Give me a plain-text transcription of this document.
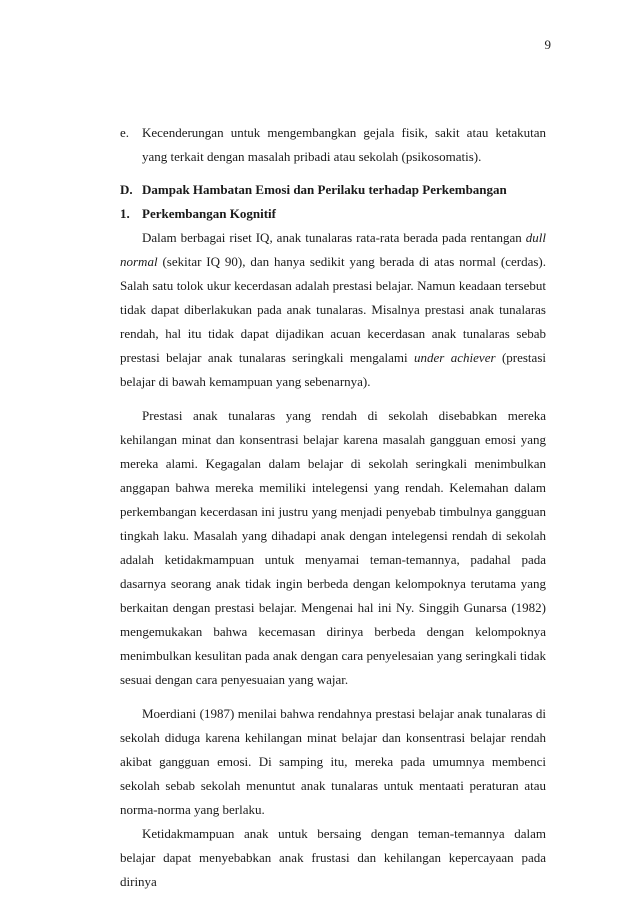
9
e. Kecenderungan untuk mengembangkan gejala fisik, sakit atau ketakutan yang terkait dengan masalah pribadi atau sekolah (psikosomatis).
D. Dampak Hambatan Emosi dan Perilaku terhadap Perkembangan
1. Perkembangan Kognitif

Dalam berbagai riset IQ, anak tunalaras rata-rata berada pada rentangan dull normal (sekitar IQ 90), dan hanya sedikit yang berada di atas normal (cerdas). Salah satu tolok ukur kecerdasan adalah prestasi belajar. Namun keadaan tersebut tidak dapat diberlakukan pada anak tunalaras. Misalnya prestasi anak tunalaras rendah, hal itu tidak dapat dijadikan acuan kecerdasan anak tunalaras sebab prestasi belajar anak tunalaras seringkali mengalami under achiever (prestasi belajar di bawah kemampuan yang sebenarnya).

Prestasi anak tunalaras yang rendah di sekolah disebabkan mereka kehilangan minat dan konsentrasi belajar karena masalah gangguan emosi yang mereka alami. Kegagalan dalam belajar di sekolah seringkali menimbulkan anggapan bahwa mereka memiliki intelegensi yang rendah. Kelemahan dalam perkembangan kecerdasan ini justru yang menjadi penyebab timbulnya gangguan tingkah laku. Masalah yang dihadapi anak dengan intelegensi rendah di sekolah adalah ketidakmampuan untuk menyamai teman-temannya, padahal pada dasarnya seorang anak tidak ingin berbeda dengan kelompoknya terutama yang berkaitan dengan prestasi belajar. Mengenai hal ini Ny. Singgih Gunarsa (1982) mengemukakan bahwa kecemasan dirinya berbeda dengan kelompoknya menimbulkan kesulitan pada anak dengan cara penyelesaian yang seringkali tidak sesuai dengan cara penyesuaian yang wajar.

Moerdiani (1987) menilai bahwa rendahnya prestasi belajar anak tunalaras di sekolah diduga karena kehilangan minat belajar dan konsentrasi belajar rendah akibat gangguan emosi. Di samping itu, mereka pada umumnya membenci sekolah sebab sekolah menuntut anak tunalaras untuk mentaati peraturan atau norma-norma yang berlaku.

Ketidakmampuan anak untuk bersaing dengan teman-temannya dalam belajar dapat menyebabkan anak frustasi dan kehilangan kepercayaan pada dirinya
